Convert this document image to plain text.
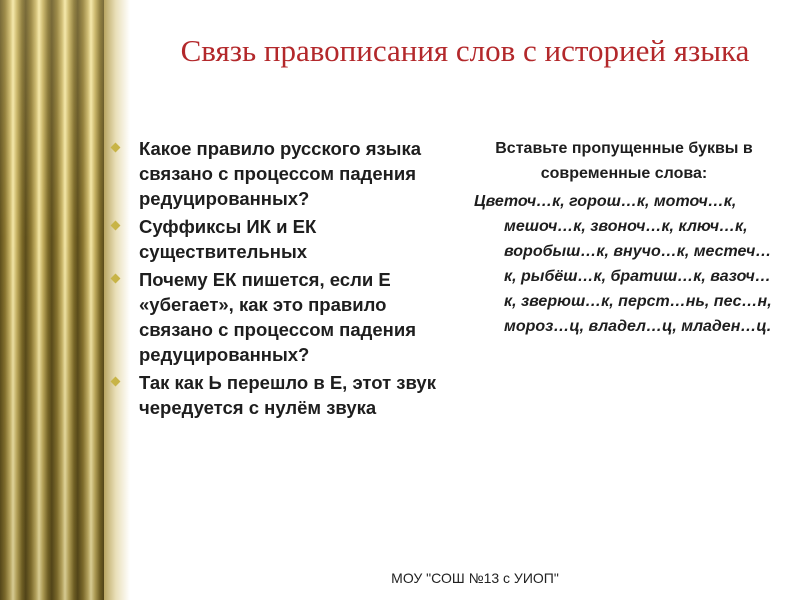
Связь правописания слов с историей языка
Какое правило русского языка связано с процессом падения редуцированных?
Суффиксы ИК и ЕК существительных
Почему ЕК пишется, если Е «убегает», как это правило связано с процессом падения редуцированных?
Так как Ь перешло в Е, этот звук чередуется с нулём звука
Вставьте пропущенные буквы в современные слова:
Цветоч…к, горош…к, моточ…к, мешоч…к, звоноч…к, ключ…к, воробыш…к, внучо…к, местеч…к, рыбёш…к, братиш…к, вазоч…к, зверюш…к, перст…нь, пес…н, мороз…ц, владел…ц, младен…ц.
МОУ "СОШ №13 с УИОП"
